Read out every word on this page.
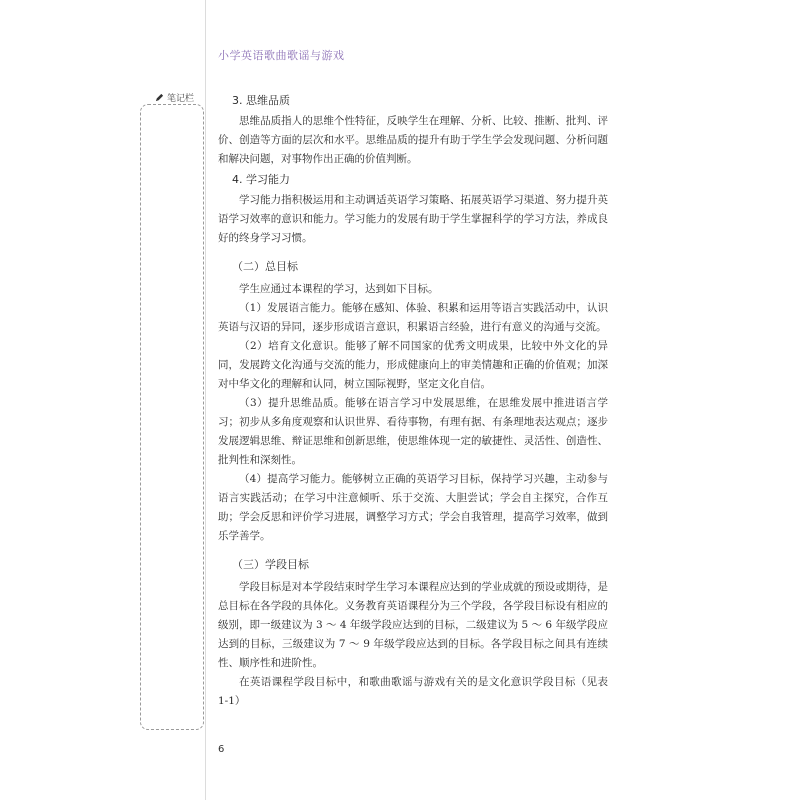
小学英语歌曲歌谣与游戏
笔记栏	3. 思维品质

思维品质指人的思维个性特征，反映学生在理解、分析、比较、推断、批判、评价、创造等方面的层次和水平。思维品质的提升有助于学生学会发现问题、分析问题和解决问题，对事物作出正确的价值判断。

4. 学习能力

学习能力指积极运用和主动调适英语学习策略、拓展英语学习渠道、努力提升英语学习效率的意识和能力。学习能力的发展有助于学生掌握科学的学习方法，养成良好的终身学习习惯。

（二）总目标

学生应通过本课程的学习，达到如下目标。

（1）发展语言能力。能够在感知、体验、积累和运用等语言实践活动中，认识英语与汉语的异同，逐步形成语言意识，积累语言经验，进行有意义的沟通与交流。

（2）培育文化意识。能够了解不同国家的优秀文明成果，比较中外文化的异同，发展跨文化沟通与交流的能力，形成健康向上的审美情趣和正确的价值观；加深对中华文化的理解和认同，树立国际视野，坚定文化自信。

（3）提升思维品质。能够在语言学习中发展思维，在思维发展中推进语言学习；初步从多角度观察和认识世界、看待事物，有理有据、有条理地表达观点；逐步发展逻辑思维、辩证思维和创新思维，使思维体现一定的敏捷性、灵活性、创造性、批判性和深刻性。

（4）提高学习能力。能够树立正确的英语学习目标，保持学习兴趣，主动参与语言实践活动；在学习中注意倾听、乐于交流、大胆尝试；学会自主探究，合作互助；学会反思和评价学习进展，调整学习方式；学会自我管理，提高学习效率，做到乐学善学。

（三）学段目标

学段目标是对本学段结束时学生学习本课程应达到的学业成就的预设或期待，是总目标在各学段的具体化。义务教育英语课程分为三个学段，各学段目标设有相应的级别，即一级建议为 3 ～ 4 年级学段应达到的目标，二级建议为 5 ～ 6 年级学段应达到的目标，三级建议为 7 ～ 9 年级学段应达到的目标。各学段目标之间具有连续性、顺序性和进阶性。

在英语课程学段目标中，和歌曲歌谣与游戏有关的是文化意识学段目标（见表 1-1）

6
